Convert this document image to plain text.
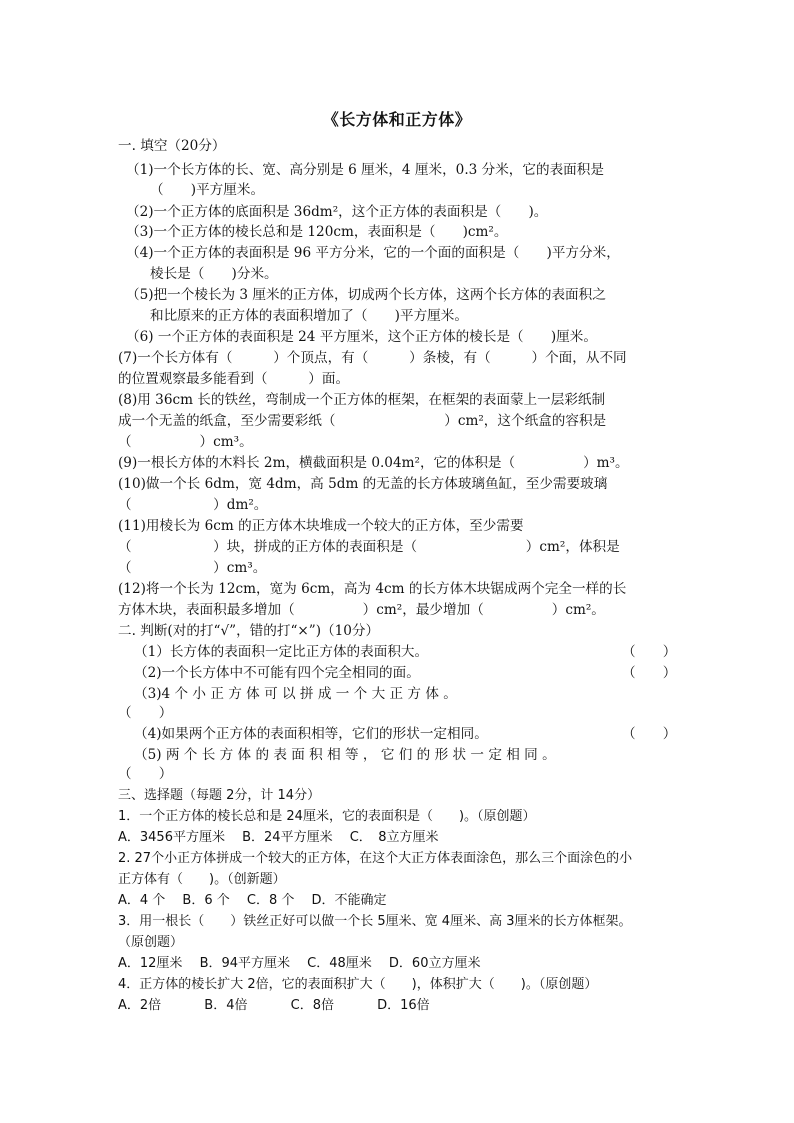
《长方体和正方体》
一. 填空（20分）
（1)一个长方体的长、宽、高分别是 6 厘米，4 厘米，0.3 分米，它的表面积是
（　　)平方厘米。
（2)一个正方体的底面积是 36dm²，这个正方体的表面积是（　　)。
（3)一个正方体的棱长总和是 120cm，表面积是（　　)cm²。
（4)一个正方体的表面积是 96 平方分米，它的一个面的面积是（　　)平方分米，
棱长是（　　)分米。
（5)把一个棱长为 3 厘米的正方体，切成两个长方体，这两个长方体的表面积之
和比原来的正方体的表面积增加了（　　)平方厘米。
（6) 一个正方体的表面积是 24 平方厘米，这个正方体的棱长是（　　)厘米。
(7)一个长方体有（　　　）个顶点，有（　　　）条棱，有（　　　）个面，从不同
的位置观察最多能看到（　　　）面。
(8)用 36cm 长的铁丝，弯制成一个正方体的框架，在框架的表面蒙上一层彩纸制
成一个无盖的纸盒，至少需要彩纸（　　　　　　　　）cm²，这个纸盒的容积是
（　　　　　）cm³。
(9)一根长方体的木料长 2m，横截面积是 0.04m²，它的体积是（　　　　　）m³。
(10)做一个长 6dm，宽 4dm，高 5dm 的无盖的长方体玻璃鱼缸，至少需要玻璃
（　　　　　　）dm²。
(11)用棱长为 6cm 的正方体木块堆成一个较大的正方体，至少需要
（　　　　　　）块，拼成的正方体的表面积是（　　　　　　　　）cm²，体积是
（　　　　　　）cm³。
(12)将一个长为 12cm，宽为 6cm，高为 4cm 的长方体木块锯成两个完全一样的长
方体木块，表面积最多增加（　　　　　）cm²，最少增加（　　　　　）cm²。
二. 判断(对的打“√”，错的打“×”)（10分）
（1）长方体的表面积一定比正方体的表面积大。	（　　）
（2)一个长方体中不可能有四个完全相同的面。	（　　）
（3)4 个 小 正 方 体 可 以 拼 成 一 个 大 正 方 体 。
（　　）
（4)如果两个正方体的表面积相等，它们的形状一定相同。	（　　）
（5) 两 个 长 方 体 的 表 面 积 相 等 ， 它 们 的 形 状 一 定 相 同 。
（　　）
三、选择题（每题 2分，计 14分）
1．一个正方体的棱长总和是 24厘米，它的表面积是（　　)。（原创题）
A．3456平方厘米　 B．24平方厘米　 C．　8立方厘米
2. 27个小正方体拼成一个较大的正方体，在这个大正方体表面涂色，那么三个面涂色的小
正方体有（　　)。（创新题）
A．4 个　 B．6 个　 C．8 个　 D．不能确定
3．用一根长（　　）铁丝正好可以做一个长 5厘米、宽 4厘米、高 3厘米的长方体框架。
（原创题）
A．12厘米　 B．94平方厘米　 C．48厘米　 D．60立方厘米
4．正方体的棱长扩大 2倍，它的表面积扩大（　　)，体积扩大（　　)。（原创题）
A．2倍　　　 B．4倍　　　 C．8倍　　　 D．16倍
